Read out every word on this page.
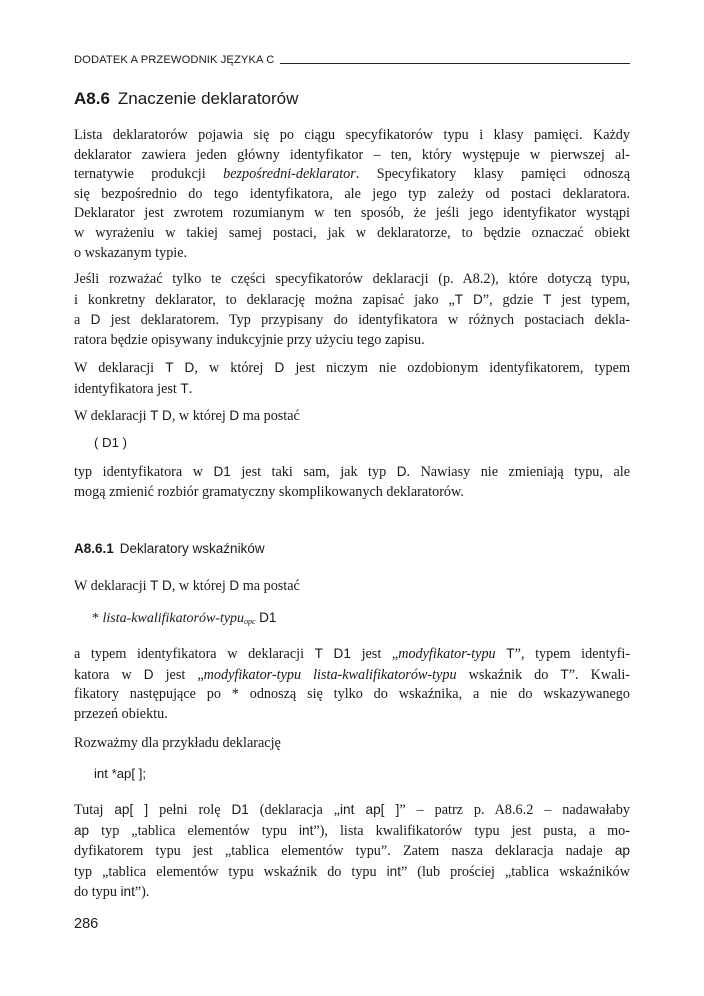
DODATEK A PRZEWODNIK JĘZYKA C
A8.6 Znaczenie deklaratorów
Lista deklaratorów pojawia się po ciągu specyfikatorów typu i klasy pamięci. Każdy
deklarator zawiera jeden główny identyfikator – ten, który występuje w pierwszej al-
ternatywie produkcji bezpośredni-deklarator. Specyfikatory klasy pamięci odnoszą
się bezpośrednio do tego identyfikatora, ale jego typ zależy od postaci deklaratora.
Deklarator jest zwrotem rozumianym w ten sposób, że jeśli jego identyfikator wystąpi
w wyrażeniu w takiej samej postaci, jak w deklaratorze, to będzie oznaczać obiekt
o wskazanym typie.
Jeśli rozważać tylko te części specyfikatorów deklaracji (p. A8.2), które dotyczą typu,
i konkretny deklarator, to deklarację można zapisać jako „T D”, gdzie T jest typem,
a D jest deklaratorem. Typ przypisany do identyfikatora w różnych postaciach dekla-
ratora będzie opisywany indukcyjnie przy użyciu tego zapisu.
W deklaracji T D, w której D jest niczym nie ozdobionym identyfikatorem, typem
identyfikatora jest T.
W deklaracji T D, w której D ma postać
( D1 )
typ identyfikatora w D1 jest taki sam, jak typ D. Nawiasy nie zmieniają typu, ale
mogą zmienić rozbiór gramatyczny skomplikowanych deklaratorów.
A8.6.1 Deklaratory wskaźników
W deklaracji T D, w której D ma postać
* lista-kwalifikatorów-typu$_{opc}$ D1
a typem identyfikatora w deklaracji T D1 jest „modyfikator-typu T”, typem identyfi-
katora w D jest „modyfikator-typu lista-kwalifikatorów-typu wskaźnik do T”. Kwali-
fikatory następujące po * odnoszą się tylko do wskaźnika, a nie do wskazywanego
przezeń obiektu.
Rozważmy dla przykładu deklarację
int *ap[ ];
Tutaj ap[ ] pełni rolę D1 (deklaracja „int ap[ ]” – patrz p. A8.6.2 – nadawałaby
ap typ „tablica elementów typu int”), lista kwalifikatorów typu jest pusta, a mo-
dyfikatorem typu jest „tablica elementów typu”. Zatem nasza deklaracja nadaje ap
typ „tablica elementów typu wskaźnik do typu int” (lub prościej „tablica wskaźników
do typu int”).
286
